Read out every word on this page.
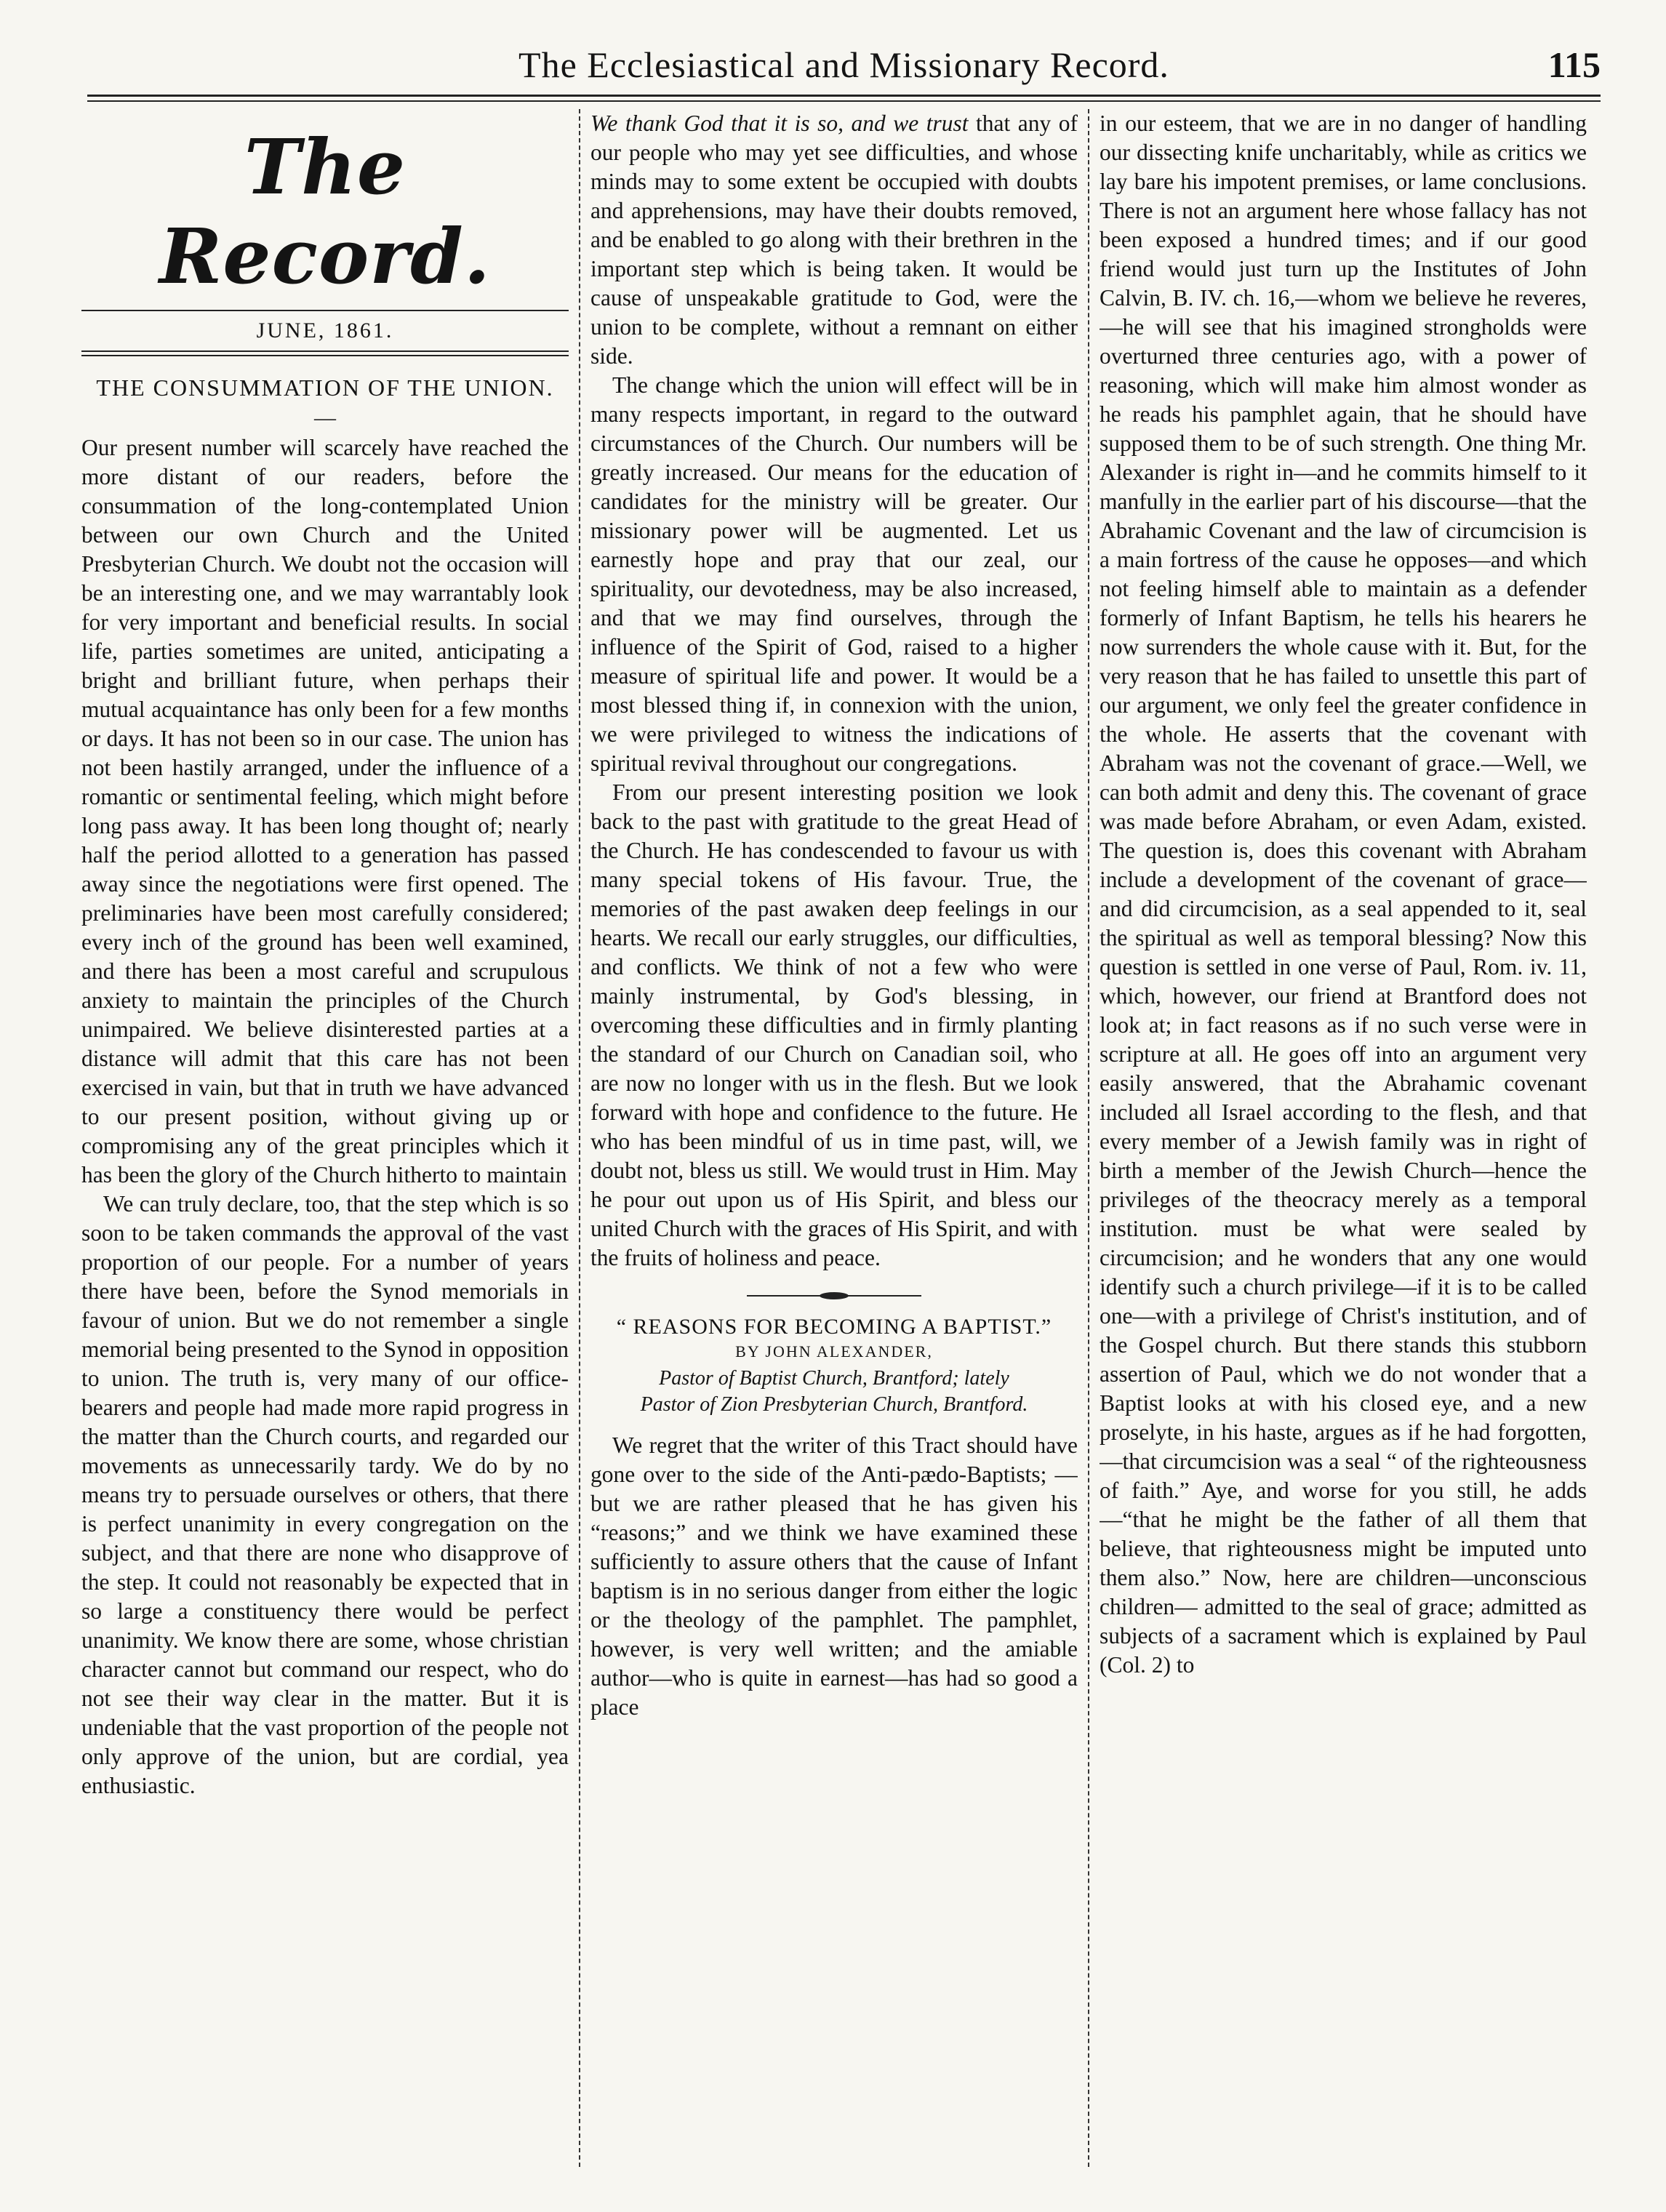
The Ecclesiastical and Missionary Record.	115
The Record.
JUNE, 1861.
THE CONSUMMATION OF THE UNION.
—

Our present number will scarcely have reached the more distant of our readers, before the consummation of the long-contemplated Union between our own Church and the United Presbyterian Church. We doubt not the occasion will be an interesting one, and we may warrantably look for very important and beneficial results. In social life, parties sometimes are united, anticipating a bright and brilliant future, when perhaps their mutual acquaintance has only been for a few months or days. It has not been so in our case. The union has not been hastily arranged, under the influence of a romantic or sentimental feeling, which might before long pass away. It has been long thought of; nearly half the period allotted to a generation has passed away since the negotiations were first opened. The preliminaries have been most carefully considered; every inch of the ground has been well examined, and there has been a most careful and scrupulous anxiety to maintain the principles of the Church unimpaired. We believe disinterested parties at a distance will admit that this care has not been exercised in vain, but that in truth we have advanced to our present position, without giving up or compromising any of the great principles which it has been the glory of the Church hitherto to maintain

We can truly declare, too, that the step which is so soon to be taken commands the approval of the vast proportion of our people. For a number of years there have been, before the Synod memorials in favour of union. But we do not remember a single memorial being presented to the Synod in opposition to union. The truth is, very many of our office-bearers and people had made more rapid progress in the matter than the Church courts, and regarded our movements as unnecessarily tardy. We do by no means try to persuade ourselves or others, that there is perfect unanimity in every congregation on the subject, and that there are none who disapprove of the step. It could not reasonably be expected that in so large a constituency there would be perfect unanimity. We know there are some, whose christian character cannot but command our respect, who do not see their way clear in the matter. But it is undeniable that the vast proportion of the people not only approve of the union, but are cordial, yea enthusiastic.

We thank God that it is so, and we trust that any of our people who may yet see difficulties, and whose minds may to some extent be occupied with doubts and apprehensions, may have their doubts removed, and be enabled to go along with their brethren in the important step which is being taken. It would be cause of unspeakable gratitude to God, were the union to be complete, without a remnant on either side.

The change which the union will effect will be in many respects important, in regard to the outward circumstances of the Church. Our numbers will be greatly increased. Our means for the education of candidates for the ministry will be greater. Our missionary power will be augmented. Let us earnestly hope and pray that our zeal, our spirituality, our devotedness, may be also increased, and that we may find ourselves, through the influence of the Spirit of God, raised to a higher measure of spiritual life and power. It would be a most blessed thing if, in connexion with the union, we were privileged to witness the indications of spiritual revival throughout our congregations.

From our present interesting position we look back to the past with gratitude to the great Head of the Church. He has condescended to favour us with many special tokens of His favour. True, the memories of the past awaken deep feelings in our hearts. We recall our early struggles, our difficulties, and conflicts. We think of not a few who were mainly instrumental, by God's blessing, in overcoming these difficulties and in firmly planting the standard of our Church on Canadian soil, who are now no longer with us in the flesh. But we look forward with hope and confidence to the future. He who has been mindful of us in time past, will, we doubt not, bless us still. We would trust in Him. May he pour out upon us of His Spirit, and bless our united Church with the graces of His Spirit, and with the fruits of holiness and peace.

“ REASONS FOR BECOMING A BAPTIST.”
BY JOHN ALEXANDER,
Pastor of Baptist Church, Brantford; lately
Pastor of Zion Presbyterian Church, Brantford.

We regret that the writer of this Tract should have gone over to the side of the Anti-pædo-Baptists; —but we are rather pleased that he has given his “reasons;” and we think we have examined these sufficiently to assure others that the cause of Infant baptism is in no serious danger from either the logic or the theology of the pamphlet. The pamphlet, however, is very well written; and the amiable author—who is quite in earnest—has had so good a place

in our esteem, that we are in no danger of handling our dissecting knife uncharitably, while as critics we lay bare his impotent premises, or lame conclusions. There is not an argument here whose fallacy has not been exposed a hundred times; and if our good friend would just turn up the Institutes of John Calvin, B. IV. ch. 16,—whom we believe he reveres,—he will see that his imagined strongholds were overturned three centuries ago, with a power of reasoning, which will make him almost wonder as he reads his pamphlet again, that he should have supposed them to be of such strength. One thing Mr. Alexander is right in—and he commits himself to it manfully in the earlier part of his discourse—that the Abrahamic Covenant and the law of circumcision is a main fortress of the cause he opposes—and which not feeling himself able to maintain as a defender formerly of Infant Baptism, he tells his hearers he now surrenders the whole cause with it. But, for the very reason that he has failed to unsettle this part of our argument, we only feel the greater confidence in the whole. He asserts that the covenant with Abraham was not the covenant of grace.—Well, we can both admit and deny this. The covenant of grace was made before Abraham, or even Adam, existed. The question is, does this covenant with Abraham include a development of the covenant of grace—and did circumcision, as a seal appended to it, seal the spiritual as well as temporal blessing? Now this question is settled in one verse of Paul, Rom. iv. 11, which, however, our friend at Brantford does not look at; in fact reasons as if no such verse were in scripture at all. He goes off into an argument very easily answered, that the Abrahamic covenant included all Israel according to the flesh, and that every member of a Jewish family was in right of birth a member of the Jewish Church—hence the privileges of the theocracy merely as a temporal institution. must be what were sealed by circumcision; and he wonders that any one would identify such a church privilege—if it is to be called one—with a privilege of Christ's institution, and of the Gospel church. But there stands this stubborn assertion of Paul, which we do not wonder that a Baptist looks at with his closed eye, and a new proselyte, in his haste, argues as if he had forgotten,—that circumcision was a seal “ of the righteousness of faith.” Aye, and worse for you still, he adds—“that he might be the father of all them that believe, that righteousness might be imputed unto them also.” Now, here are children—unconscious children— admitted to the seal of grace; admitted as subjects of a sacrament which is explained by Paul (Col. 2) to
